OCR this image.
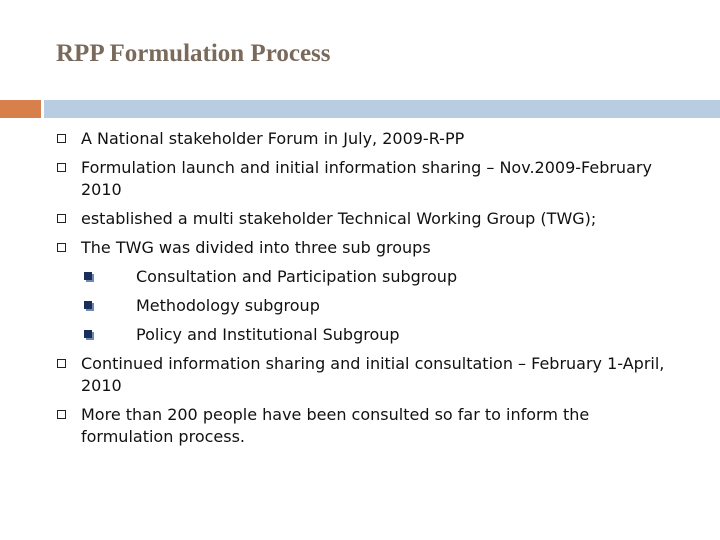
RPP Formulation Process
A National stakeholder Forum in July, 2009-R-PP
Formulation launch and initial information sharing – Nov.2009-February 2010
established a multi stakeholder Technical Working Group (TWG);
The TWG was divided into three sub groups
Consultation and Participation subgroup
Methodology subgroup
Policy and Institutional Subgroup
Continued information sharing and initial consultation – February 1-April, 2010
More than 200 people have been consulted so far to inform the formulation process.
